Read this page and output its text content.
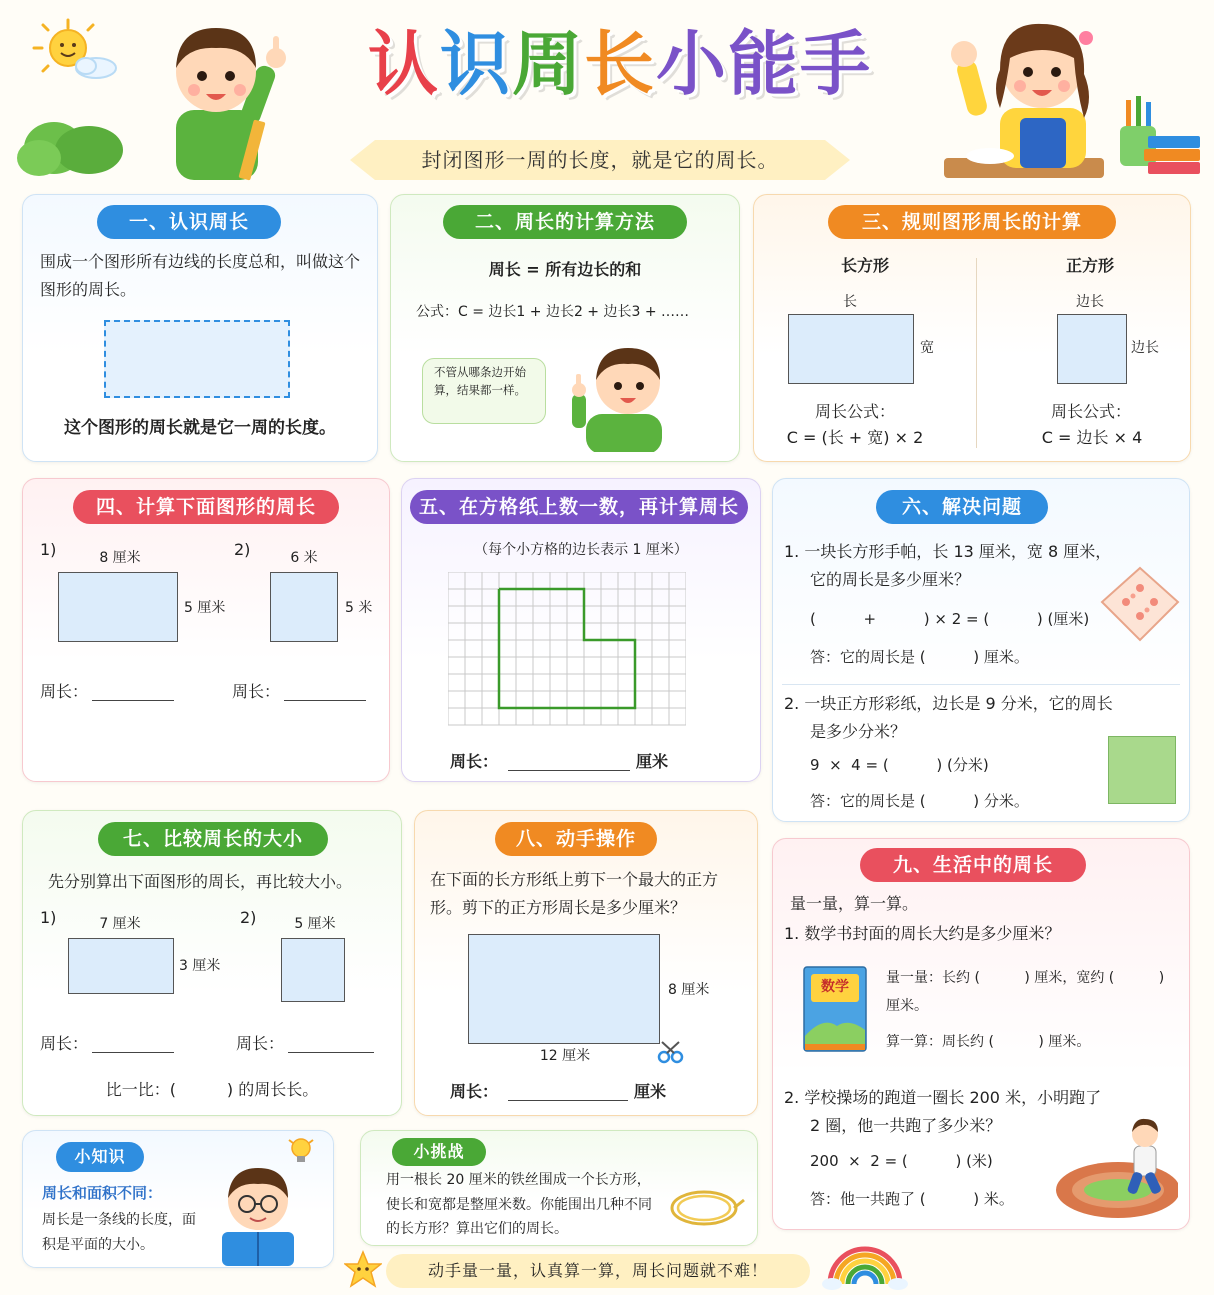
认识周长小能手
封闭图形一周的长度，就是它的周长。
一、认识周长
围成一个图形所有边线的长度总和，叫做这个图形的周长。
这个图形的周长就是它一周的长度。
二、周长的计算方法
周长 = 所有边长的和
公式：C = 边长1 + 边长2 + 边长3 + ……
不管从哪条边开始算，结果都一样。
三、规则图形周长的计算
长方形
长
宽
周长公式：
C = (长 + 宽) × 2
正方形
边长
边长
周长公式：
C = 边长 × 4
四、计算下面图形的周长
1)	8 厘米
5 厘米
2)	6 米
5 米
周长：	周长：
五、在方格纸上数一数，再计算周长
（每个小方格的边长表示 1 厘米）
周长：	厘米
六、解决问题
1. 一块长方形手帕，长 13 厘米，宽 8 厘米，
它的周长是多少厘米？
(          +          ) × 2 = (          ) (厘米)
答：它的周长是 (          ) 厘米。
2. 一块正方形彩纸，边长是 9 分米，它的周长
是多少分米？
9  ×  4 = (          ) (分米)
答：它的周长是 (          ) 分米。
七、比较周长的大小
先分别算出下面图形的周长，再比较大小。
1)	7 厘米
3 厘米
2)	5 厘米
周长：	周长：
比一比：(          ) 的周长长。
八、动手操作
在下面的长方形纸上剪下一个最大的正方形。剪下的正方形周长是多少厘米？
8 厘米
12 厘米
周长：	厘米
九、生活中的周长
量一量，算一算。
1. 数学书封面的周长大约是多少厘米？
数学
量一量：长约 (          ) 厘米，宽约 (          ) 厘米。
算一算：周长约 (          ) 厘米。
2. 学校操场的跑道一圈长 200 米，小明跑了
2 圈，他一共跑了多少米？
200  ×  2 = (          ) (米)
答：他一共跑了 (          ) 米。
小知识
周长和面积不同：
周长是一条线的长度，面积是平面的大小。
小挑战
用一根长 20 厘米的铁丝围成一个长方形，使长和宽都是整厘米数。你能围出几种不同的长方形？算出它们的周长。
动手量一量，认真算一算，周长问题就不难！
